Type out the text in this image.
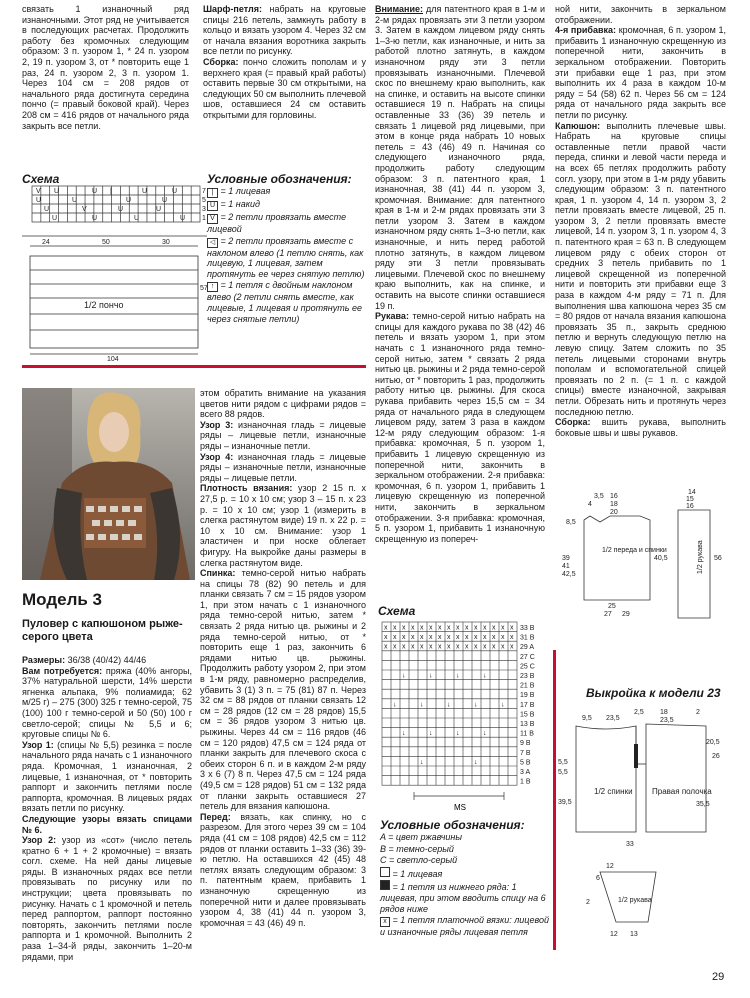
связать 1 изнаночный ряд изнаночными. Этот ряд не учитывается в последующих расчетах. Продолжить работу без кромочных следующим образом: 3 п. узором 1, * 24 п. узором 2, 19 п. узором 3, от * повторить еще 1 раз, 24 п. узором 2, 3 п. узором 1. Через 104 см = 208 рядов от начального ряда достигнута середина пончо (= правый боковой край). Через 208 см = 416 рядов от начального ряда закрыть все петли.

Шарф-петля: набрать на круговые спицы 216 петель, замкнуть работу в кольцо и вязать узором 4. Через 32 см от начала вязания воротника закрыть все петли по рисунку.

Сборка: пончо сложить пополам и у верхнего края (= правый край работы) оставить первые 30 см открытыми, на следующих 50 см выполнить плечевой шов, оставшиеся 24 см оставить открытыми для горловины.

Схема
V U	U |	U	U
U	U	U	U
U	V	U	U
U	U	U	U
7
5
3
1
24	50	30
104
57
1/2 пончо
Условные обозначения:

| = 1 лицевая

U = 1 накид

V = 2 петли провязать вместе лицевой

◁ = 2 петли провязать вместе с наклоном влево (1 петлю снять, как лицевую, 1 лицевая, затем протянуть ее через снятую петлю)

↑ = 1 петля с двойным наклоном влево (2 петли снять вместе, как лицевые, 1 лицевая и протянуть ее через снятые петли)

Модель 3
Пуловер с капюшоном рыже-серого цвета

Размеры: 36/38 (40/42) 44/46

Вам потребуется: пряжа (40% ангоры, 37% натуральной шерсти, 14% шерсти ягненка альпака, 9% полиамида; 62 м/25 г) – 275 (300) 325 г темно-серой, 75 (100) 100 г темно-серой и 50 (50) 100 г светло-серой; спицы № 5,5 и 6; круговые спицы № 6.

Узор 1: (спицы № 5,5) резинка = после начального ряда начать с 1 изнаночного ряда. Кромочная, 1 изнаночная, 2 лицевые, 1 изнаночная, от * повторить раппорт и закончить петлями после раппорта, кромочная. В лицевых рядах вязать петли по рисунку.

Следующие узоры вязать спицами № 6.

Узор 2: узор из «сот» (число петель кратно 6 + 1 + 2 кромочные) = вязать согл. схеме. На ней даны лицевые ряды. В изнаночных рядах все петли провязывать по рисунку или по инструкции; цвета провязывать по рисунку. Начать с 1 кромочной и петель перед раппортом, раппорт постоянно повторять, закончить петлями после раппорта и 1 кромочной. Выполнить 2 раза 1–34-й ряды, закончить 1–20-м рядами, при

этом обратить внимание на указания цветов нити рядом с цифрами рядов = всего 88 рядов.

Узор 3: изнаночная гладь = лицевые ряды – лицевые петли, изнаночные ряды – изнаночные петли.

Узор 4: изнаночная гладь = лицевые ряды – изнаночные петли, изнаночные ряды – лицевые петли.

Плотность вязания: узор 2 15 п. x 27,5 р. = 10 x 10 см; узор 3 – 15 п. x 23 р. = 10 x 10 см; узор 1 (измерить в слегка растянутом виде) 19 п. x 22 р. = 10 x 10 см. Внимание: узор 1 эластичен и при носке облегает фигуру. На выкройке даны размеры в слегка растянутом виде.

Спинка: темно-серой нитью набрать на спицы 78 (82) 90 петель и для планки связать 7 см = 15 рядов узором 1, при этом начать с 1 изнаночного ряда темно-серой нитью, затем * связать 2 ряда нитью цв. рыжины и 2 ряда темно-серой нитью, от * повторить еще 1 раз, закончить 6 рядами нитью цв. рыжины. Продолжить работу узором 2, при этом в 1-м ряду, равномерно распределив, убавить 3 (1) 3 п. = 75 (81) 87 п. Через 32 см = 88 рядов от планки связать 12 см = 28 рядов (12 см = 28 рядов) 15,5 см = 36 рядов узором 3 нитью цв. рыжины. Через 44 см = 116 рядов (46 см = 120 рядов) 47,5 см = 124 ряда от планки закрыть для плечевого скоса с обеих сторон 6 п. и в каждом 2-м ряду 3 x 6 (7) 8 п. Через 47,5 см = 124 ряда (49,5 см = 128 рядов) 51 см = 132 ряда от планки закрыть оставшиеся 27 петель для вязания капюшона.

Перед: вязать, как спинку, но с разрезом. Для этого через 39 см = 104 ряда (41 см = 108 рядов) 42,5 см = 112 рядов от планки оставить 1–33 (36) 39-ю петлю. На оставшихся 42 (45) 48 петлях вязать следующим образом: 3 п. патентным краем, прибавить 1 изнаночную скрещенную из поперечной нити и далее провязывать узором 4, 38 (41) 44 п. узором 3, кромочная = 43 (46) 49 п.

Внимание: для патентного края в 1-м и 2-м рядах провязать эти 3 петли узором 3. Затем в каждом лицевом ряду снять 1–3-ю петли, как изнаночные, и нить за работой плотно затянуть, в каждом изнаночном ряду эти 3 петли провязывать изнаночными. Плечевой скос по внешнему краю выполнить, как на спинке, и оставить на высоте спинки оставшиеся 19 п. Набрать на спицы оставленные 33 (36) 39 петель и связать 1 лицевой ряд лицевыми, при этом в конце ряда набрать 10 новых петель = 43 (46) 49 п. Начиная со следующего изнаночного ряда, продолжить работу следующим образом: 3 п. патентного края, 1 изнаночная, 38 (41) 44 п. узором 3, кромочная. Внимание: для патентного края в 1-м и 2-м рядах провязать эти 3 петли узором 3. Затем в каждом изнаночном ряду снять 1–3-ю петли, как изнаночные, и нить перед работой плотно затянуть, в каждом лицевом ряду эти 3 петли провязывать лицевыми. Плечевой скос по внешнему краю выполнить, как на спинке, и оставить на высоте спинки оставшиеся 19 п.

Рукава: темно-серой нитью набрать на спицы для каждого рукава по 38 (42) 46 петель и вязать узором 1, при этом начать с 1 изнаночного ряда темно-серой нитью, затем * связать 2 ряда нитью цв. рыжины и 2 ряда темно-серой нитью, от * повторить 1 раз, продолжить работу нитью цв. рыжины. Для скоса рукава прибавить через 15,5 см = 34 ряда от начального ряда в следующем лицевом ряду, затем 3 раза в каждом 12-м ряду следующим образом: 1-я прибавка: кромочная, 5 п. узором 1, прибавить 1 лицевую скрещенную из поперечной нити, закончить в зеркальном отображении. 2-я прибавка: кромочная, 6 п. узором 1, прибавить 1 лицевую скрещенную из поперечной нити, закончить в зеркальном отображении. 3-я прибавка: кромочная, 5 п. узором 1, прибавить 1 изнаночную скрещенную из попереч-

Схема
x x x x x x x x x x x x x x x
x x x x x x x x x x x x x x x
x x x x x x x x x x x x x x x
↓	↓	↓	↓
↓	↓	↓	↓	↓
↓	↓	↓	↓
↓	↓
33 B
31 B
29 A
27 C
25 C
23 B
21 B
19 B
17 B
15 B
13 B
11 B
9 B
7 B
5 B
3 A
1 B
MS
Условные обозначения:

A = цвет ржавчины

B = темно-серый

C = светло-серый

= 1 лицевая

= 1 петля из нижнего ряда: 1 лицевая, при этом вводить спицу на 6 рядов ниже

x = 1 петля платочной вязки: лицевой и изнаночные ряды лицевая петля

ной нити, закончить в зеркальном отображении.

4-я прибавка: кромочная, 6 п. узором 1, прибавить 1 изнаночную скрещенную из поперечной нити, закончить в зеркальном отображении. Повторить эти прибавки еще 1 раз, при этом выполнить их 4 раза в каждом 10-м ряду = 54 (58) 62 п. Через 56 см = 124 ряда от начального ряда закрыть все петли по рисунку.

Капюшон: выполнить плечевые швы. Набрать на круговые спицы оставленные петли правой части переда, спинки и левой части переда и на всех 65 петлях продолжить работу согл. узору, при этом в 1-м ряду убавить следующим образом: 3 п. патентного края, 1 п. узором 4, 14 п. узором 3, 2 петли провязать вместе лицевой, 25 п. узором 3, 2 петли провязать вместе лицевой, 14 п. узором 3, 1 п. узором 4, 3 п. патентного края = 63 п. В следующем лицевом ряду с обеих сторон от средних 3 петель прибавить по 1 лицевой скрещенной из поперечной нити и повторить эти прибавки еще 3 раза в каждом 4-м ряду = 71 п. Для выполнения шва капюшона через 35 см = 80 рядов от начала вязания капюшона провязать 35 п., закрыть среднюю петлю и вернуть следующую петлю на левую спицу. Затем сложить по 35 петель лицевыми сторонами внутрь пополам и вспомогательной спицей провязать по 2 п. (= 1 п. с каждой спицы) вместе изнаночной, закрывая петли. Обрезать нить и протянуть через последнюю петлю.

Сборка: вшить рукава, выполнить боковые швы и швы рукавов.

3,5
4
16
18
20
8,5
39
41
42,5
40,5
25
27 29
14
15
16
56
1/2 переда и спинки	1/2 рукава
Выкройка к модели 23
9,5 23,5
2,5 18
23,5
2
20,5
26
5,5
5,5
39,5
33
35,5
12
6
2
12 13
1/2 спинки Правая полочка
1/2 рукава
29
